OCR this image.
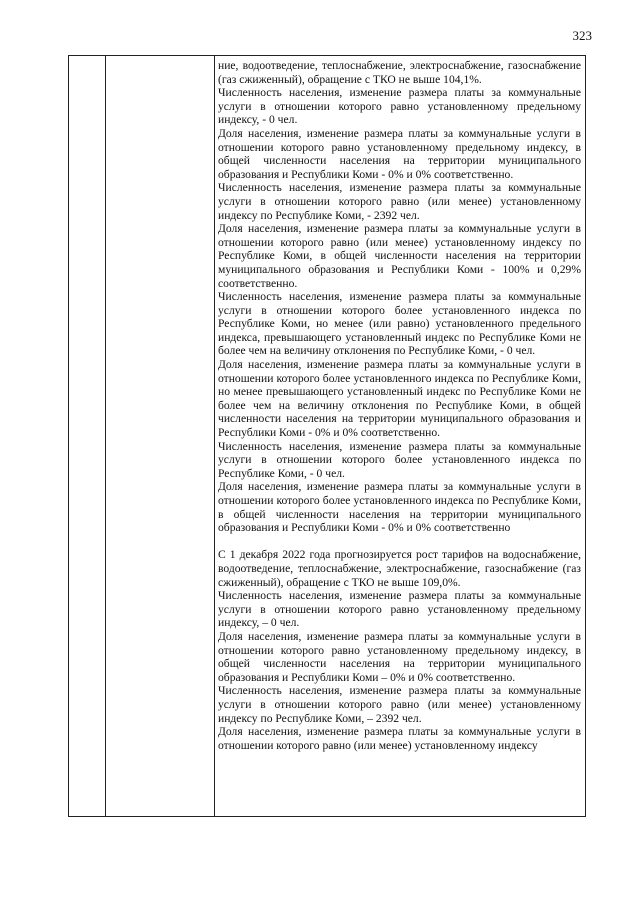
323

ние, водоотведение, теплоснабжение, электроснабжение, газоснабжение (газ сжиженный), обращение с ТКО не выше 104,1%.

Численность населения, изменение размера платы за коммунальные услуги в отношении которого равно установленному предельному индексу, - 0 чел.

Доля населения, изменение размера платы за коммунальные услуги в отношении которого равно установленному предельному индексу, в общей численности населения на территории муниципального образования и Республики Коми - 0% и 0% соответственно.

Численность населения, изменение размера платы за коммунальные услуги в отношении которого равно (или менее) установленному индексу по Республике Коми, - 2392 чел.

Доля населения, изменение размера платы за коммунальные услуги в отношении которого равно (или менее) установленному индексу по Республике Коми, в общей численности населения на территории муниципального образования и Республики Коми - 100% и 0,29% соответственно.

Численность населения, изменение размера платы за коммунальные услуги в отношении которого более установленного индекса по Республике Коми, но менее (или равно) установленного предельного индекса, превышающего установленный индекс по Республике Коми не более чем на величину отклонения по Республике Коми, - 0 чел.

Доля населения, изменение размера платы за коммунальные услуги в отношении которого более установленного индекса по Республике Коми, но менее превышающего установленный индекс по Республике Коми не более чем на величину отклонения по Республике Коми, в общей численности населения на территории муниципального образования и Республики Коми - 0% и 0% соответственно.

Численность населения, изменение размера платы за коммунальные услуги в отношении которого более установленного индекса по Республике Коми, - 0 чел.

Доля населения, изменение размера платы за коммунальные услуги в отношении которого более установленного индекса по Республике Коми, в общей численности населения на территории муниципального образования и Республики Коми - 0% и 0% соответственно

С 1 декабря 2022 года прогнозируется рост тарифов на водоснабжение, водоотведение, теплоснабжение, электроснабжение, газоснабжение (газ сжиженный), обращение с ТКО не выше 109,0%.

Численность населения, изменение размера платы за коммунальные услуги в отношении которого равно установленному предельному индексу, – 0 чел.

Доля населения, изменение размера платы за коммунальные услуги в отношении которого равно установленному предельному индексу, в общей численности населения на территории муниципального образования и Республики Коми – 0% и 0% соответственно.

Численность населения, изменение размера платы за коммунальные услуги в отношении которого равно (или менее) установленному индексу по Республике Коми, – 2392 чел.

Доля населения, изменение размера платы за коммунальные услуги в отношении которого равно (или менее) установленному индексу
